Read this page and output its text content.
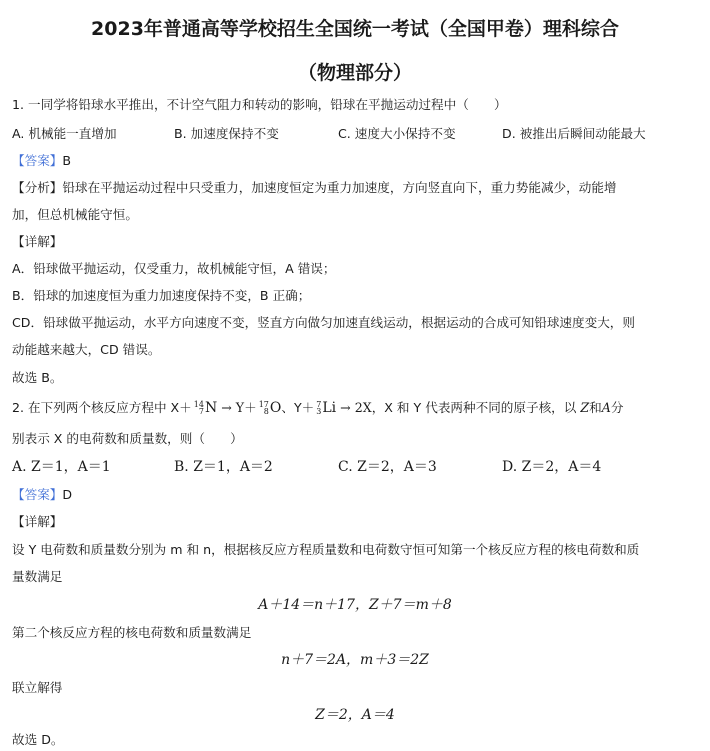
2023年普通高等学校招生全国统一考试（全国甲卷）理科综合
（物理部分）
1. 一同学将铅球水平推出，不计空气阻力和转动的影响，铅球在平抛运动过程中（　　）
A. 机械能一直增加	B. 加速度保持不变	C. 速度大小保持不变	D. 被推出后瞬间动能最大
【答案】B
【分析】铅球在平抛运动过程中只受重力，加速度恒定为重力加速度，方向竖直向下，重力势能减少，动能增
加，但总机械能守恒。
【详解】
A．铅球做平抛运动，仅受重力，故机械能守恒，A 错误；
B．铅球的加速度恒为重力加速度保持不变，B 正确；
CD．铅球做平抛运动，水平方向速度不变，竖直方向做匀加速直线运动，根据运动的合成可知铅球速度变大，则
动能越来越大，CD 错误。
故选 B。
2. 在下列两个核反应方程中 X＋ 14
7 N → Y＋ 17
8 O、Y＋ 7
3 Li → 2X，X 和 Y 代表两种不同的原子核，以 Z和A分
别表示 X 的电荷数和质量数，则（　　）
A. Z＝1，A＝1	B. Z＝1，A＝2	C. Z＝2，A＝3	D. Z＝2，A＝4
【答案】D
【详解】
设 Y 电荷数和质量数分别为 m 和 n，根据核反应方程质量数和电荷数守恒可知第一个核反应方程的核电荷数和质
量数满足
A＋14＝n＋17，Z＋7＝m＋8
第二个核反应方程的核电荷数和质量数满足
n＋7＝2A，m＋3＝2Z
联立解得
Z＝2，A＝4
故选 D。
